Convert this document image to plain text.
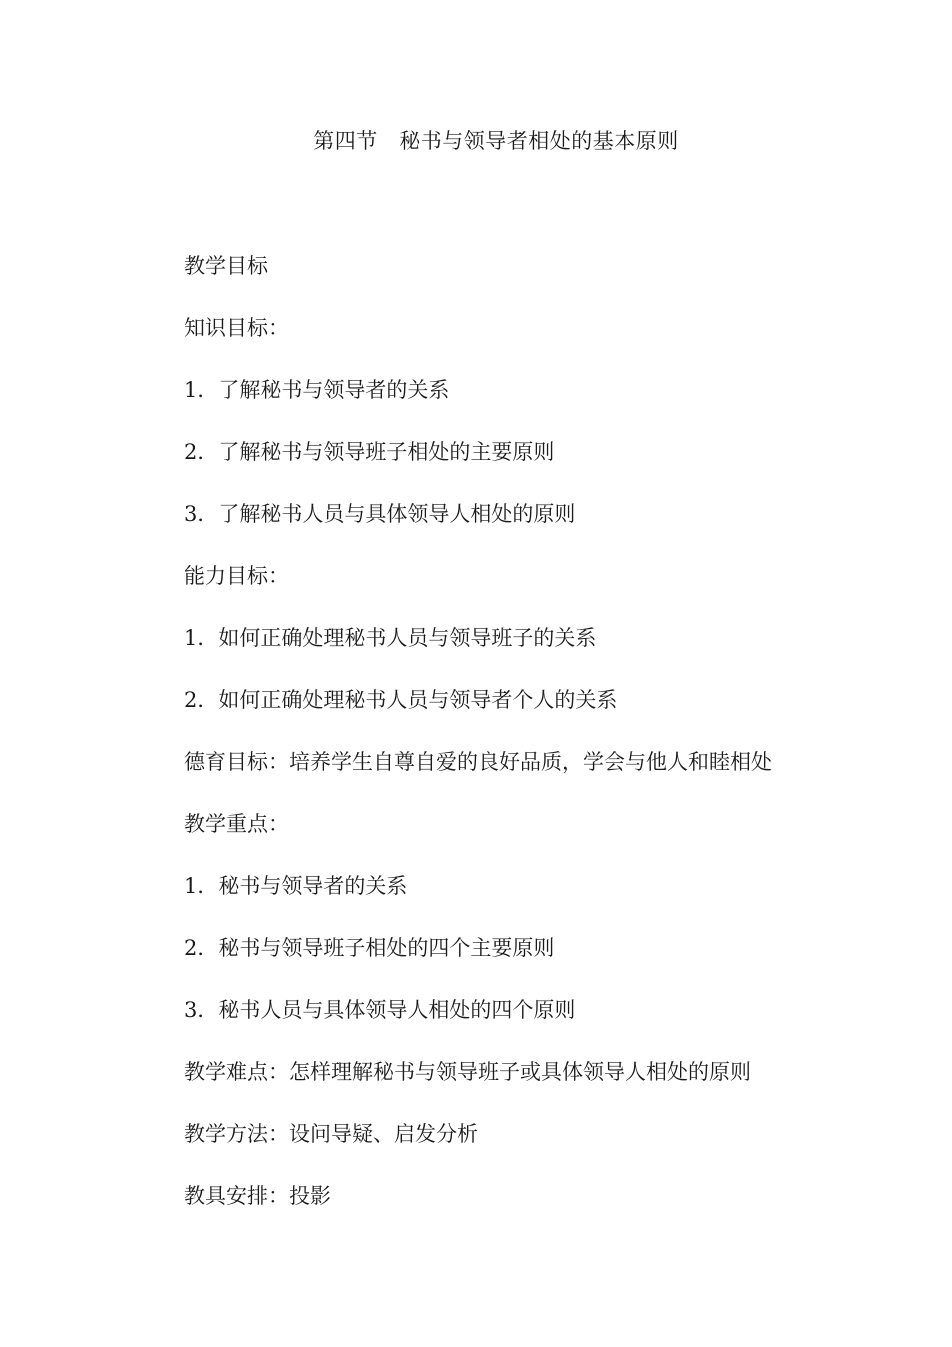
第四节　秘书与领导者相处的基本原则
教学目标
知识目标：
1．了解秘书与领导者的关系
2．了解秘书与领导班子相处的主要原则
3．了解秘书人员与具体领导人相处的原则
能力目标：
1．如何正确处理秘书人员与领导班子的关系
2．如何正确处理秘书人员与领导者个人的关系
德育目标：培养学生自尊自爱的良好品质，学会与他人和睦相处
教学重点：
1．秘书与领导者的关系
2．秘书与领导班子相处的四个主要原则
3．秘书人员与具体领导人相处的四个原则
教学难点：怎样理解秘书与领导班子或具体领导人相处的原则
教学方法：设问导疑、启发分析
教具安排：投影
